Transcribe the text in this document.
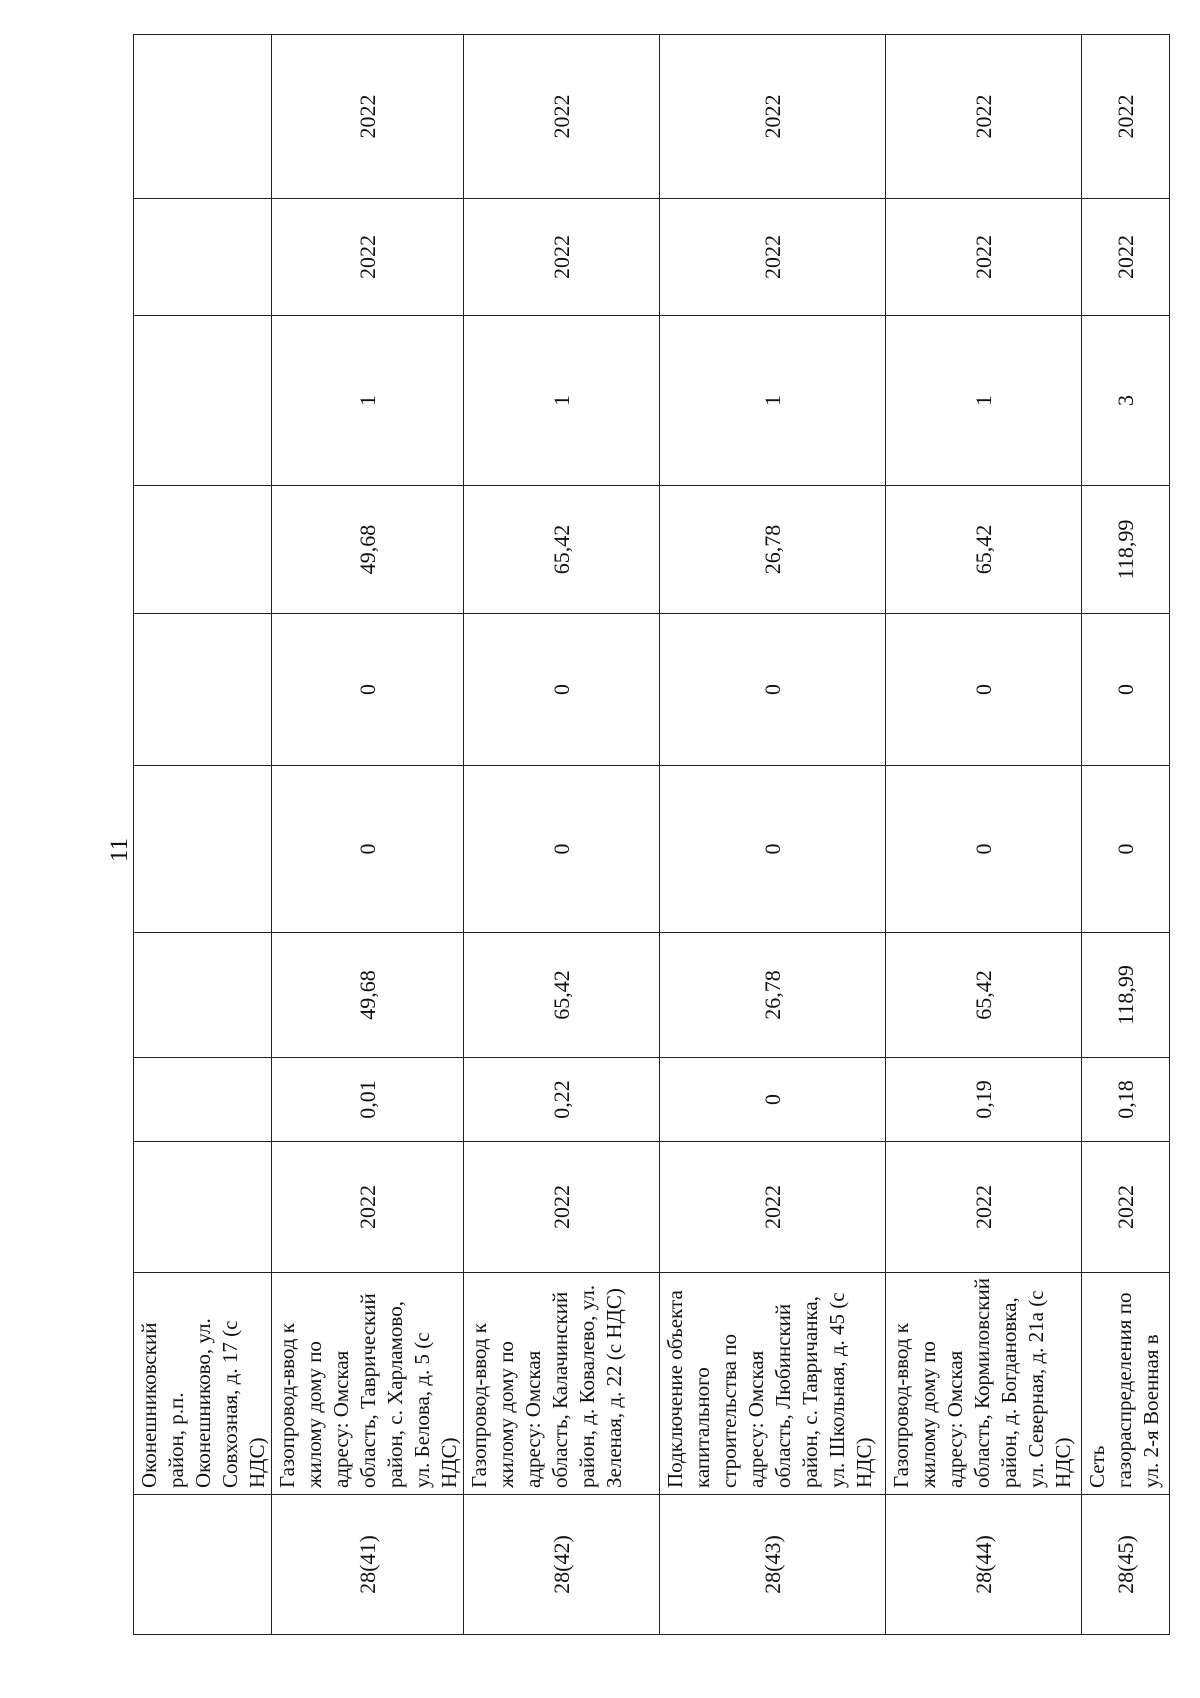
11
	Оконешниковский район, р.п. Оконешниково, ул. Совхозная, д. 17 (с НДС)									
28(41)	Газопровод-ввод к жилому дому по адресу: Омская область, Таврический район, с. Харламово, ул. Белова, д. 5 (с НДС)	2022	0,01	49,68	0	0	49,68	1	2022	2022
28(42)	Газопровод-ввод к жилому дому по адресу: Омская область, Калачинский район, д. Ковалево, ул. Зеленая, д. 22 (с НДС)	2022	0,22	65,42	0	0	65,42	1	2022	2022
28(43)	Подключение объекта капитального строительства по адресу: Омская область, Любинский район, с. Тавричанка, ул. Школьная, д. 45 (с НДС)	2022	0	26,78	0	0	26,78	1	2022	2022
28(44)	Газопровод-ввод к жилому дому по адресу: Омская область, Кормиловский район, д. Богдановка, ул. Северная, д. 21а (с НДС)	2022	0,19	65,42	0	0	65,42	1	2022	2022
28(45)	Сеть газораспределения по ул. 2-я Военная в	2022	0,18	118,99	0	0	118,99	3	2022	2022
